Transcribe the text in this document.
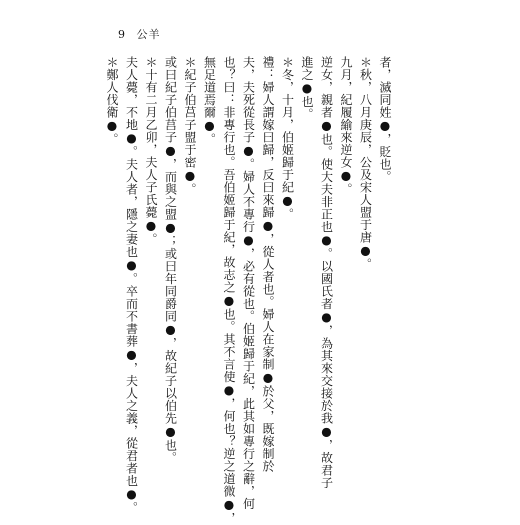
9 公羊
者，滅同姓●，貶也。
＊秋，八月庚辰，公及宋人盟于唐●。
九月，紀履緰來逆女●。
逆女，親者●也。使大夫非正也●。以國氏者●，為其來交接於我●，故君子
進之●也。
＊冬，十月，伯姬歸于紀●。
禮：婦人謂嫁曰歸，反曰來歸●，從人者也。婦人在家制●於父，既嫁制於
夫，夫死從長子●。婦人不專行●，必有從也。伯姬歸于紀，此其如專行之辭，何
也？曰：非專行也。吾伯姬歸于紀，故志之●也。其不言使●，何也？逆之道微●，
無足道焉爾●。
＊紀子伯莒子盟于密●。
或曰紀子伯莒子●，而與之盟●；或曰年同爵同●，故紀子以伯先●也。
＊十有二月乙卯，夫人子氏薨●。
夫人薨，不地●。夫人者，隱之妻也●。卒而不書葬●，夫人之義，從君者也●。
＊鄭人伐衛●。
